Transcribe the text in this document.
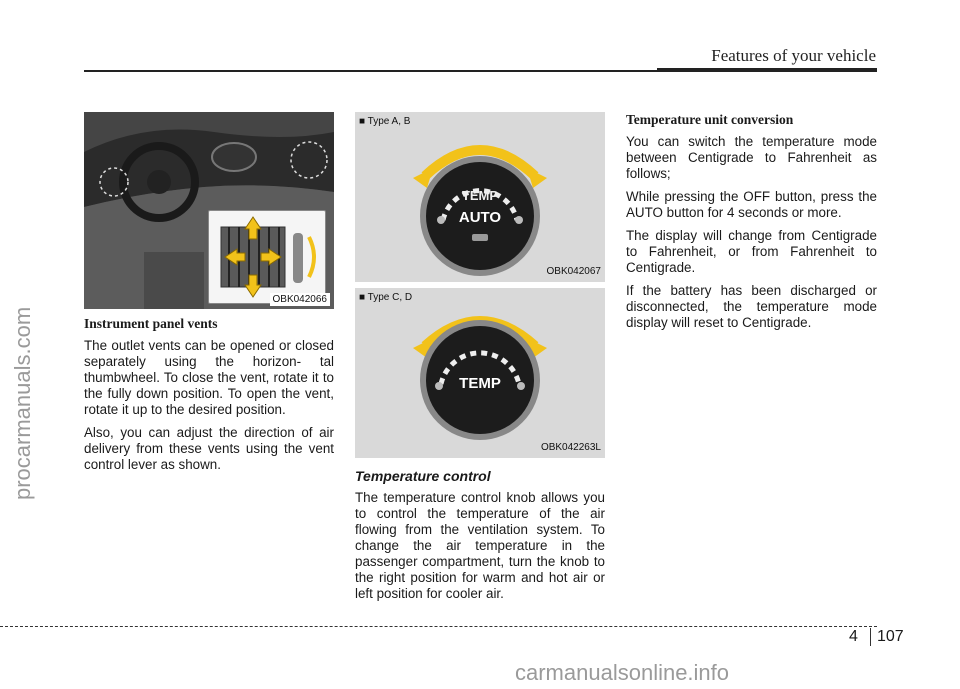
Features of your vehicle
procarmanuals.com
OBK042066
Instrument panel vents

The outlet vents can be opened or closed separately using the horizon- tal thumbwheel. To close the vent, rotate it to the fully down position. To open the vent, rotate it up to the desired position.

Also, you can adjust the direction of air delivery from these vents using the vent control lever as shown.

■ Type A, B
TEMP
AUTO
OBK042067
■ Type C, D
TEMP
OBK042263L
Temperature control

The temperature control knob allows you to control the temperature of the air flowing from the ventilation system. To change the air temperature in the passenger compartment, turn the knob to the right position for warm and hot air or left position for cooler air.

Temperature unit conversion

You can switch the temperature mode between Centigrade to Fahrenheit as follows;

While pressing the OFF button, press the AUTO button for 4 seconds or more.

The display will change from Centigrade to Fahrenheit, or from Fahrenheit to Centigrade.

If the battery has been discharged or disconnected, the temperature mode display will reset to Centigrade.

4 107
carmanualsonline.info
